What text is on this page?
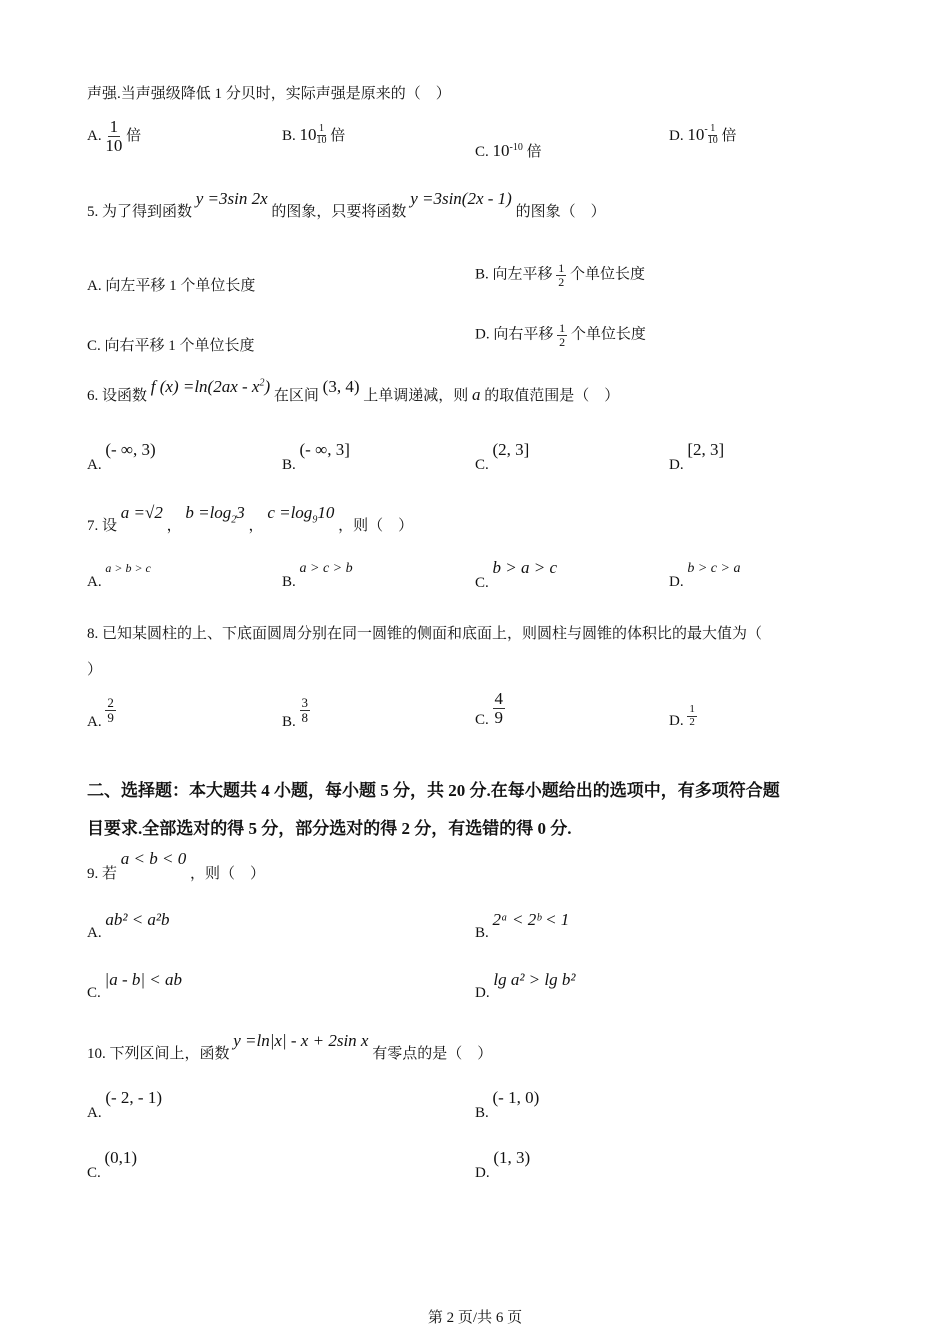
声强.当声强级降低 1 分贝时，实际声强是原来的（　）
A. $\frac{1}{10}$ 倍	B. $10 \frac{1}{10}$ 倍
C. $10^{-10}$ 倍
D. $10^- \frac{1}{10}$ 倍
5. 为了得到函数 y =3sin 2x 的图象，只要将函数 y =3sin(2x - 1) 的图象（　）
A. 向左平移 1 个单位长度
B. 向左平移 $\frac{1}{2}$ 个单位长度
C. 向右平移 1 个单位长度
D. 向右平移 $\frac{1}{2}$ 个单位长度
6. 设函数 f $(x) =\ln(2ax - x^2)$ 在区间 (3, 4) 上单调递减，则 a 的取值范围是（　）
A. (- ∞, 3)
B. (- ∞, 3]
C. (2, 3]
D. [2, 3]
7. 设 a =√2 ， $b =\log_23$ ， $c =\log_910$ ，则（　）
A. a > b > c
B. a > c > b
C. b > a > c
D. b > c > a
8. 已知某圆柱的上、下底面圆周分别在同一圆锥的侧面和底面上，则圆柱与圆锥的体积比的最大值为（
）
A. $\frac{2}{9}$	B. $\frac{3}{8}$	C. $\frac{4}{9}$	D. $\frac{1}{2}$
二、选择题：本大题共 4 小题，每小题 5 分，共 20 分.在每小题给出的选项中，有多项符合题
目要求.全部选对的得 5 分，部分选对的得 2 分，有选错的得 0 分.
9. 若 a < b < 0 ，则（　）
A. ab² < a²b
B. 2ᵃ < 2ᵇ < 1
C. |a - b| < ab
D. lg a² > lg b²
10. 下列区间上，函数 y =ln|x| - x + 2sin x 有零点的是（　）
A. (- 2, - 1)
B. (- 1, 0)
C. (0,1)
D. (1, 3)
第 2 页/共 6 页
